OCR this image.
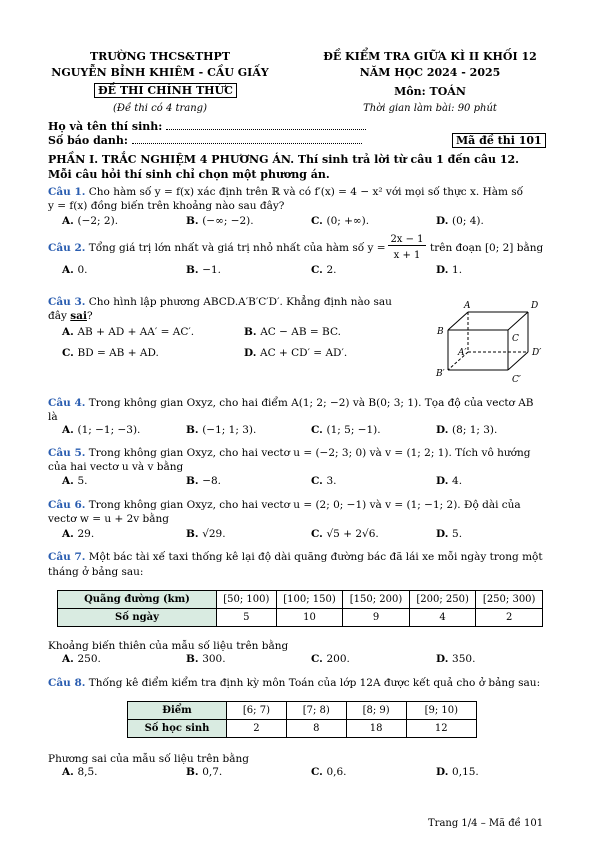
TRƯỜNG THCS&THPT
NGUYỄN BỈNH KHIÊM - CẦU GIẤY
ĐỀ THI CHÍNH THỨC
(Đề thi có 4 trang)
ĐỀ KIỂM TRA GIỮA KÌ II KHỐI 12
NĂM HỌC 2024 - 2025
Môn: TOÁN
Thời gian làm bài: 90 phút
Họ và tên thí sinh:
Số báo danh:	Mã đề thi 101
PHẦN I. TRẮC NGHIỆM 4 PHƯƠNG ÁN. Thí sinh trả lời từ câu 1 đến câu 12.
Mỗi câu hỏi thí sinh chỉ chọn một phương án.
Câu 1. Cho hàm số y = f(x) xác định trên ℝ và có f′(x) = 4 − x² với mọi số thực x. Hàm số
y = f(x) đồng biến trên khoảng nào sau đây?
A. (−2; 2).	B. (−∞; −2).	C. (0; +∞).	D. (0; 4).
Câu 2. Tổng giá trị lớn nhất và giá trị nhỏ nhất của hàm số y =
2x − 1
x + 1
trên đoạn [0; 2] bằng
A. 0.	B. −1.	C. 2.	D. 1.
Câu 3. Cho hình lập phương ABCD.A′B′C′D′. Khẳng định nào sau
đây sai?
A. AB + AD + AA′ = AC′.	B. AC − AB = BC.
C. BD = AB + AD.	D. AC + CD′ = AD′.
A	D
B
C
A′	D′
B′
C′
Câu 4. Trong không gian Oxyz, cho hai điểm A(1; 2; −2) và B(0; 3; 1). Tọa độ của vectơ AB
là
A. (1; −1; −3).	B. (−1; 1; 3).	C. (1; 5; −1).	D. (8; 1; 3).
Câu 5. Trong không gian Oxyz, cho hai vectơ u = (−2; 3; 0) và v = (1; 2; 1). Tích vô hướng
của hai vectơ u và v bằng
A. 5.	B. −8.	C. 3.	D. 4.
Câu 6. Trong không gian Oxyz, cho hai vectơ u = (2; 0; −1) và v = (1; −1; 2). Độ dài của
vectơ w = u + 2v bằng
A. 29.	B. √29.	C. √5 + 2√6.	D. 5.
Câu 7. Một bác tài xế taxi thống kê lại độ dài quãng đường bác đã lái xe mỗi ngày trong một
tháng ở bảng sau:
Quãng đường (km)	[50; 100)	[100; 150)	[150; 200)	[200; 250)	[250; 300)
Số ngày	5	10	9	4	2
Khoảng biến thiên của mẫu số liệu trên bằng
A. 250.	B. 300.	C. 200.	D. 350.
Câu 8. Thống kê điểm kiểm tra định kỳ môn Toán của lớp 12A được kết quả cho ở bảng sau:
Điểm	[6; 7)	[7; 8)	[8; 9)	[9; 10)
Số học sinh	2	8	18	12
Phương sai của mẫu số liệu trên bằng
A. 8,5.	B. 0,7.	C. 0,6.	D. 0,15.
Trang 1/4 – Mã đề 101
